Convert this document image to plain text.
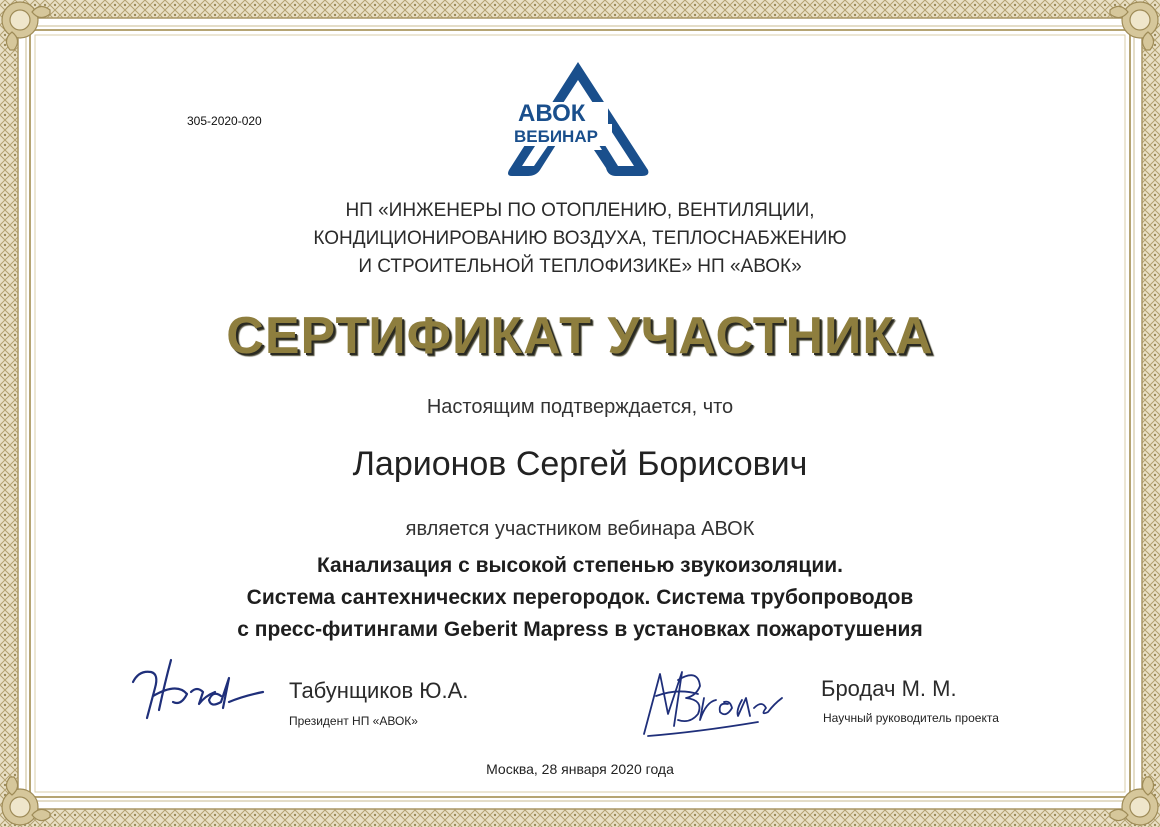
305-2020-020	АВОК
ВЕБИНАР
НП «ИНЖЕНЕРЫ ПО ОТОПЛЕНИЮ, ВЕНТИЛЯЦИИ,
КОНДИЦИОНИРОВАНИЮ ВОЗДУХА, ТЕПЛОСНАБЖЕНИЮ
И СТРОИТЕЛЬНОЙ ТЕПЛОФИЗИКЕ» НП «АВОК»
СЕРТИФИКАТ УЧАСТНИКА
Настоящим подтверждается, что
Ларионов Сергей Борисович
является участником вебинара АВОК
Канализация с высокой степенью звукоизоляции.
Система сантехнических перегородок. Система трубопроводов
с пресс-фитингами Geberit Mapress в установках пожаротушения
Табунщиков Ю.А.
Президент НП «АВОК»
Бродач М. М.
Научный руководитель проекта
Москва, 28 января 2020 года
